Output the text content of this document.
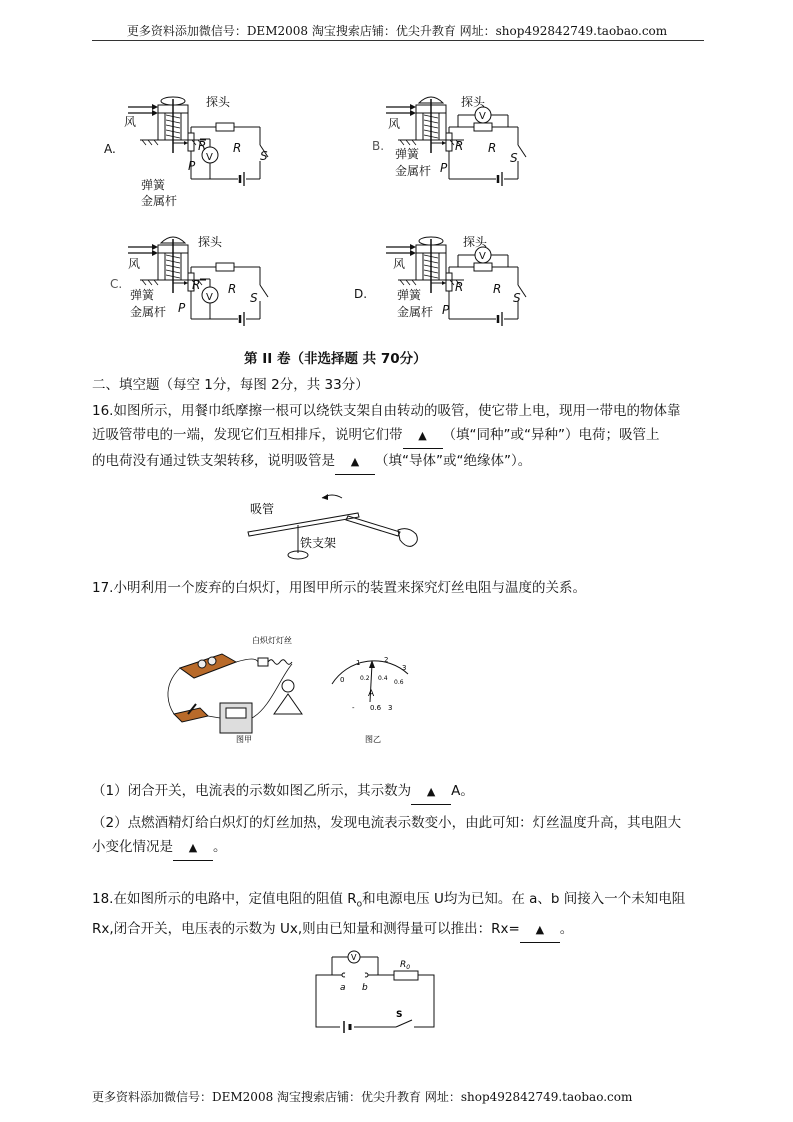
更多资料添加微信号：DEM2008 淘宝搜索店铺：优尖升教育 网址：shop492842749.taobao.com
A.
探头
风
弹簧
金属杆
R R
P
S
V
B.
探头
风
弹簧
金属杆
R R
P
S
V
C.
探头
风
弹簧
金属杆
R R
P
S
V	D.
探头
风
弹簧
金属杆
R R
P
S
V
第 II 卷（非选择题 共 70分）
二、填空题（每空 1分，每图 2分，共 33分）
16.如图所示，用餐巾纸摩擦一根可以绕铁支架自由转动的吸管，使它带上电，现用一带电的物体靠
近吸管带电的一端，发现它们互相排斥，说明它们带 ▲ （填“同种”或“异种”）电荷；吸管上
的电荷没有通过铁支架转移，说明吸管是 ▲ （填“导体”或“绝缘体”）。
吸管
铁支架
17.小明利用一个废弃的白炽灯，用图甲所示的装置来探究灯丝电阻与温度的关系。
白炽灯灯丝
图甲
0
1	2
3
0.2 0.4
0.6
A
- 0.6 3
图乙
（1）闭合开关，电流表的示数如图乙所示，其示数为 ▲ A。
（2）点燃酒精灯给白炽灯的灯丝加热，发现电流表示数变小，由此可知：灯丝温度升高，其电阻大
小变化情况是 ▲ 。
18.在如图所示的电路中，定值电阻的阻值 $R_o$和电源电压 U均为已知。在 a、b 间接入一个未知电阻
Rx,闭合开关，电压表的示数为 Ux,则由已知量和测得量可以推出：Rx= ▲ 。
V
a b
$R_0$
S
更多资料添加微信号：DEM2008 淘宝搜索店铺：优尖升教育 网址：shop492842749.taobao.com
